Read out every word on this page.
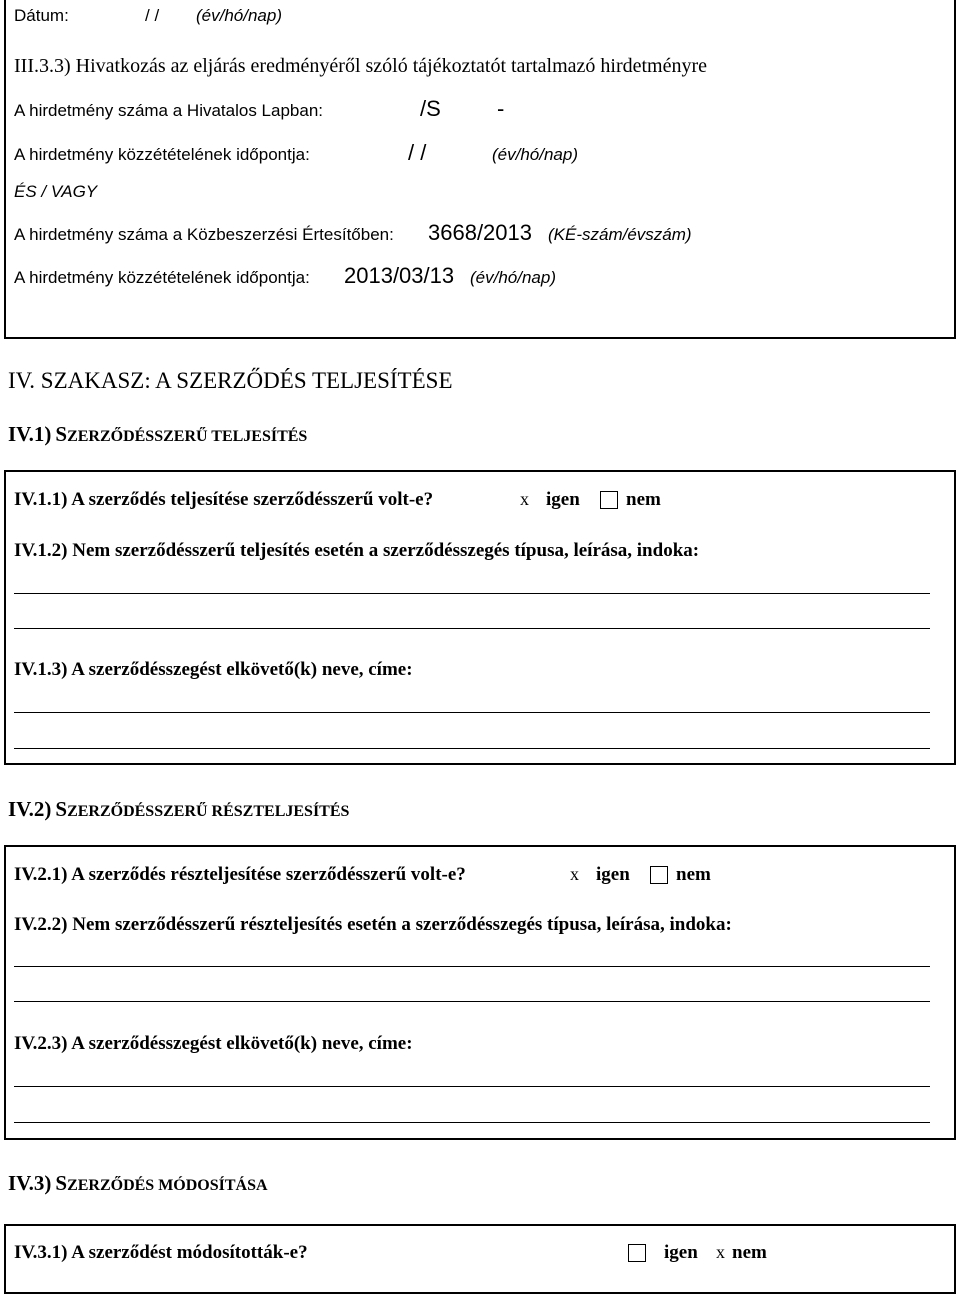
Dátum:	/ / (év/hó/nap)
III.3.3) Hivatkozás az eljárás eredményéről szóló tájékoztatót tartalmazó hirdetményre
A hirdetmény száma a Hivatalos Lapban:	/S	-
A hirdetmény közzétételének időpontja:	/ /	(év/hó/nap)
ÉS / VAGY
A hirdetmény száma a Közbeszerzési Értesítőben: 3668/2013 (KÉ-szám/évszám)
A hirdetmény közzétételének időpontja: 2013/03/13 (év/hó/nap)
IV. SZAKASZ: A SZERZŐDÉS TELJESÍTÉSE
IV.1) SZERZŐDÉSSZERŰ TELJESÍTÉS
IV.1.1) A szerződés teljesítése szerződésszerű volt-e?	x igen nem
IV.1.2) Nem szerződésszerű teljesítés esetén a szerződésszegés típusa, leírása, indoka:
IV.1.3) A szerződésszegést elkövető(k) neve, címe:
IV.2) SZERZŐDÉSSZERŰ RÉSZTELJESÍTÉS
IV.2.1) A szerződés részteljesítése szerződésszerű volt-e?	x igen nem
IV.2.2) Nem szerződésszerű részteljesítés esetén a szerződésszegés típusa, leírása, indoka:
IV.2.3) A szerződésszegést elkövető(k) neve, címe:
IV.3) SZERZŐDÉS MÓDOSÍTÁSA
IV.3.1) A szerződést módosították-e?	igen x nem
